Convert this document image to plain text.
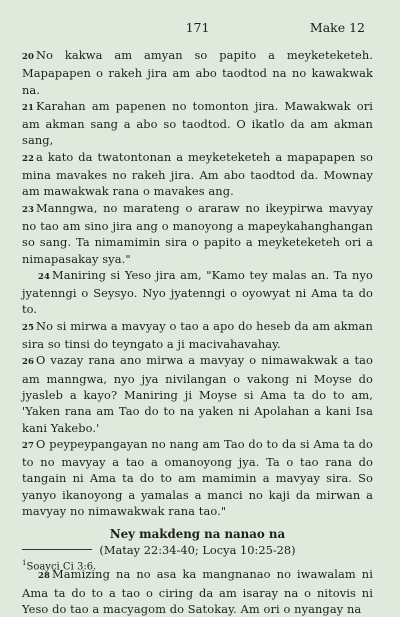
171	Make 12

20 No kakwa am amyan so papito a meyketeketeh. Mapapapen o rakeh jira am abo taodtod na no kawakwak na.

21 Karahan am papenen no tomonton jira. Mawakwak ori am akman sang a abo so taodtod. O ikatlo da am akman sang,

22 a kato da twatontonan a meyketeketeh a mapapapen so mina mavakes no rakeh jira. Am abo taodtod da. Mownay am mawakwak rana o mavakes ang.

23 Manngwa, no marateng o araraw no ikeypirwa mavyay no tao am sino jira ang o manoyong a mapeykahanghangan so sang. Ta nimamimin sira o papito a meyketeketeh ori a nimapasakay sya."

24 Maniring si Yeso jira am, "Kamo tey malas an. Ta nyo jyatenngi o Seysyo. Nyo jyatenngi o oyowyat ni Ama ta do to.

25 No si mirwa a mavyay o tao a apo do heseb da am akman sira so tinsi do teyngato a ji macivahavahay.

26 O vazay rana ano mirwa a mavyay o nimawakwak a tao am manngwa, nyo jya nivilangan o vakong ni Moyse do jyasleb a kayo? Maniring ji Moyse si Ama ta do to am, 'Yaken rana am Tao do to na yaken ni Apolahan a kani Isa kani Yakebo.'

27 O peypeypangayan no nang am Tao do to da si Ama ta do to no mavyay a tao a omanoyong jya. Ta o tao rana do tangain ni Ama ta do to am mamimin a mavyay sira. So yanyo ikanoyong a yamalas a manci no kaji da mirwan a mavyay no nimawakwak rana tao."

Ney makdeng na nanao na

(Matay 22:34-40; Locya 10:25-28)

28 Mamizing na no asa ka mangnanao no iwawalam ni Ama ta do to a tao o ciring da am isaray na o nitovis ni Yeso do tao a macyagom do Satokay. Am ori o nyangay na

$^1$Soayci Ci 3:6.
